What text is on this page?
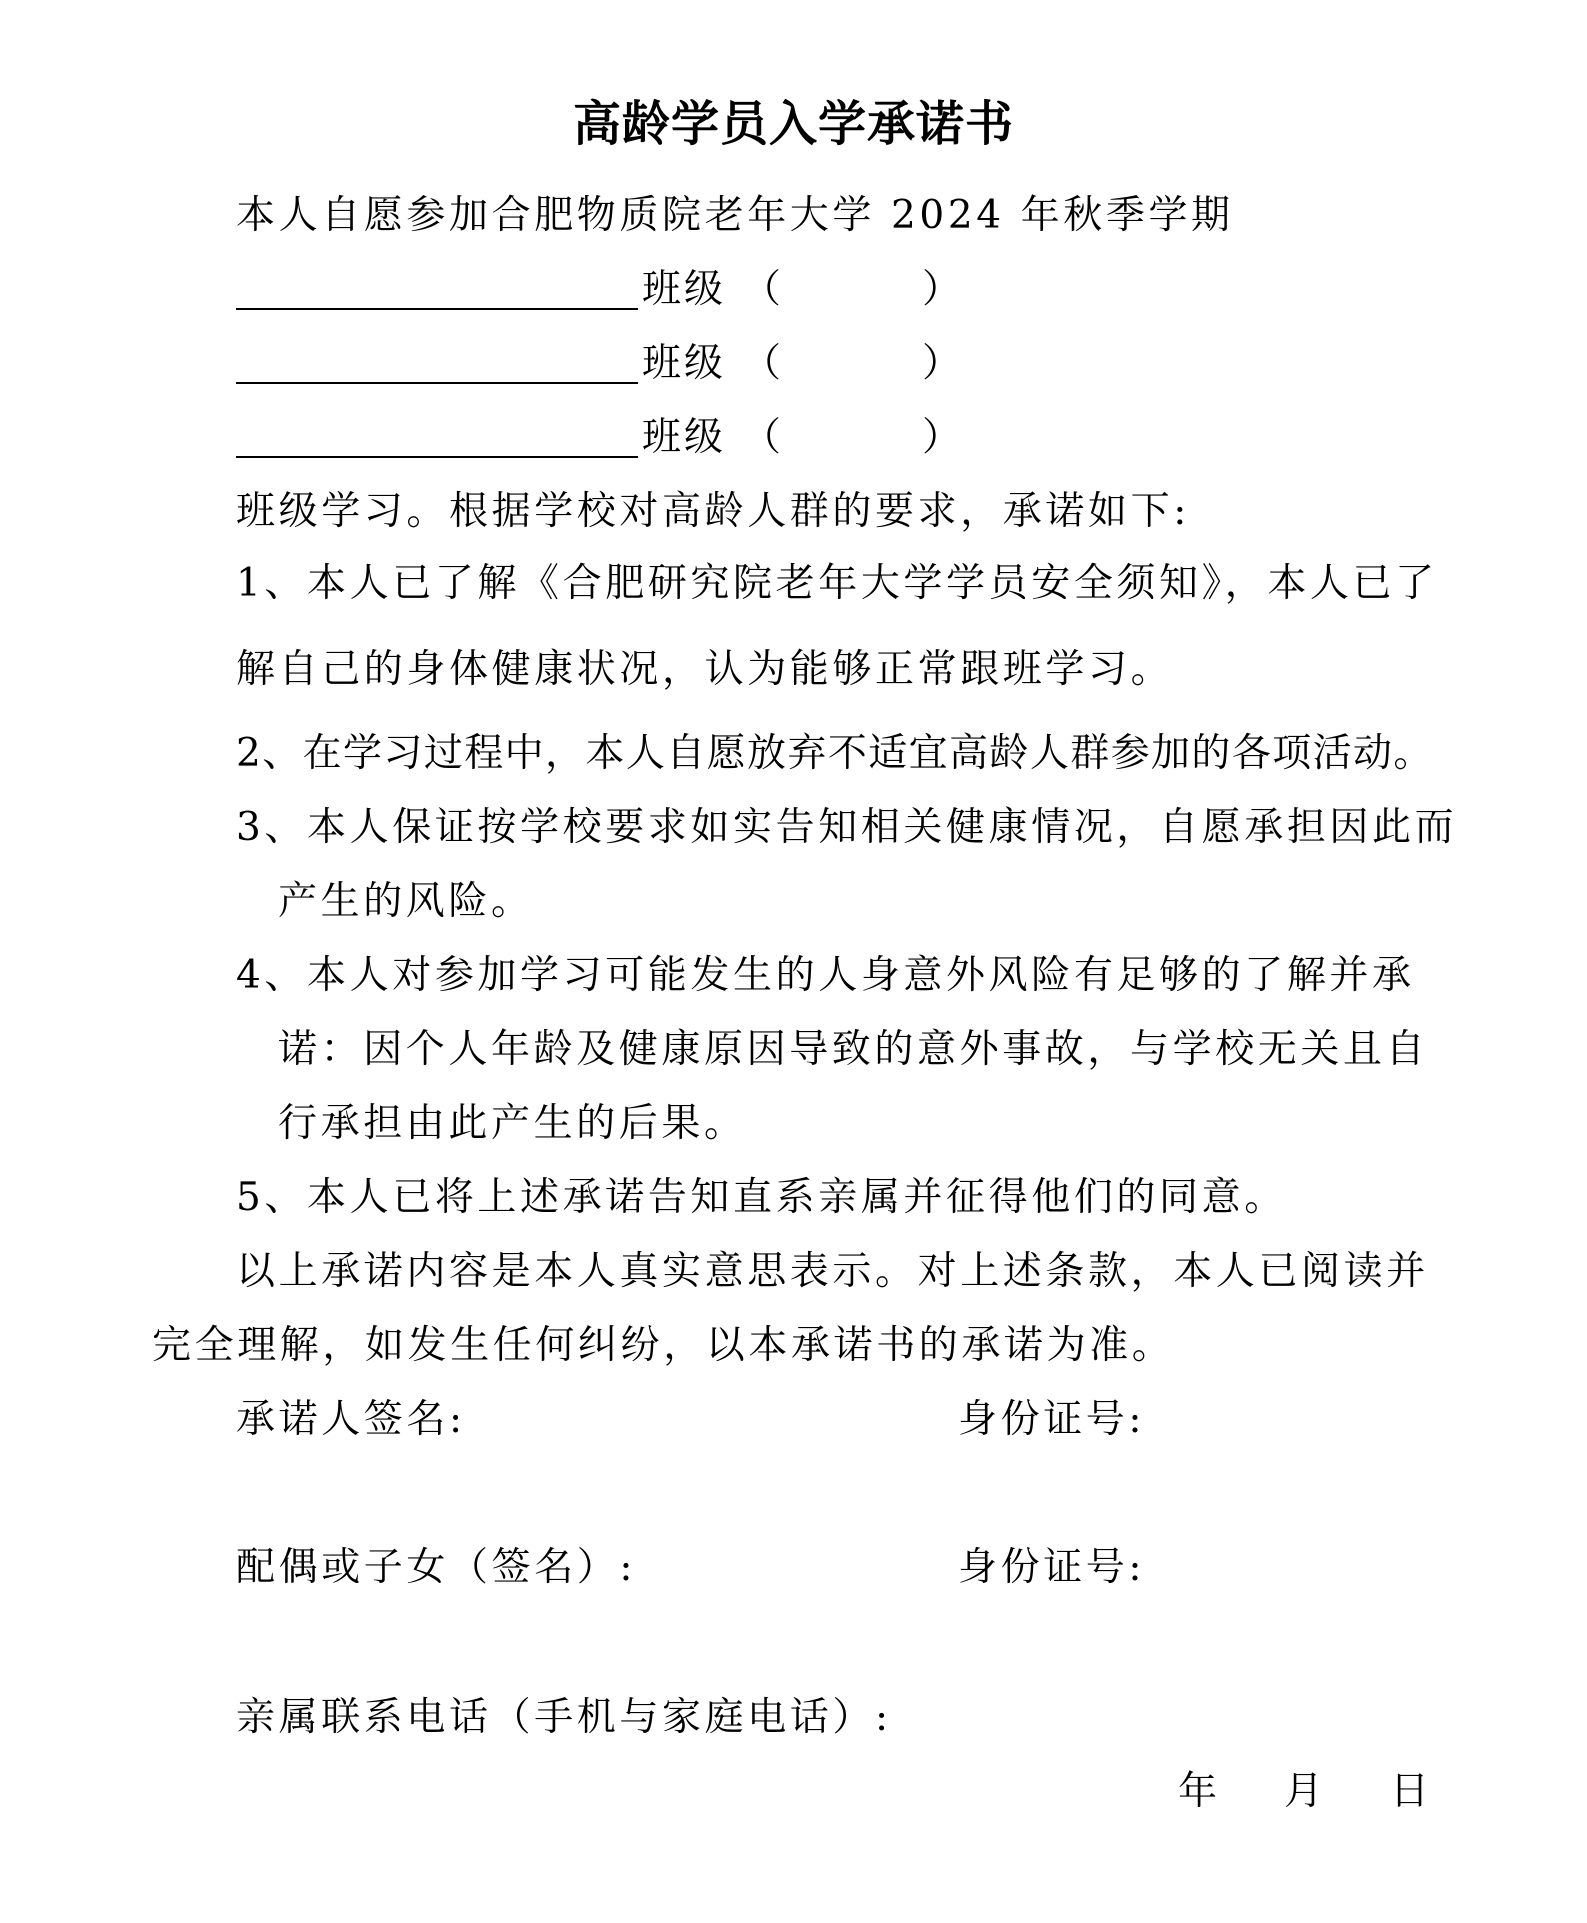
高龄学员入学承诺书
本人自愿参加合肥物质院老年大学 2024 年秋季学期
班级 （	）
班级 （	）
班级 （	）
班级学习。根据学校对高龄人群的要求，承诺如下:
1、本人已了解《合肥研究院老年大学学员安全须知》，本人已了
解自己的身体健康状况，认为能够正常跟班学习。
2、在学习过程中，本人自愿放弃不适宜高龄人群参加的各项活动。
3、本人保证按学校要求如实告知相关健康情况，自愿承担因此而
产生的风险。
4、本人对参加学习可能发生的人身意外风险有足够的了解并承
诺：因个人年龄及健康原因导致的意外事故，与学校无关且自
行承担由此产生的后果。
5、本人已将上述承诺告知直系亲属并征得他们的同意。
以上承诺内容是本人真实意思表示。对上述条款，本人已阅读并
完全理解，如发生任何纠纷，以本承诺书的承诺为准。
承诺人签名:	身份证号:
配偶或子女（签名）:	身份证号:
亲属联系电话（手机与家庭电话）:
年 月 日
